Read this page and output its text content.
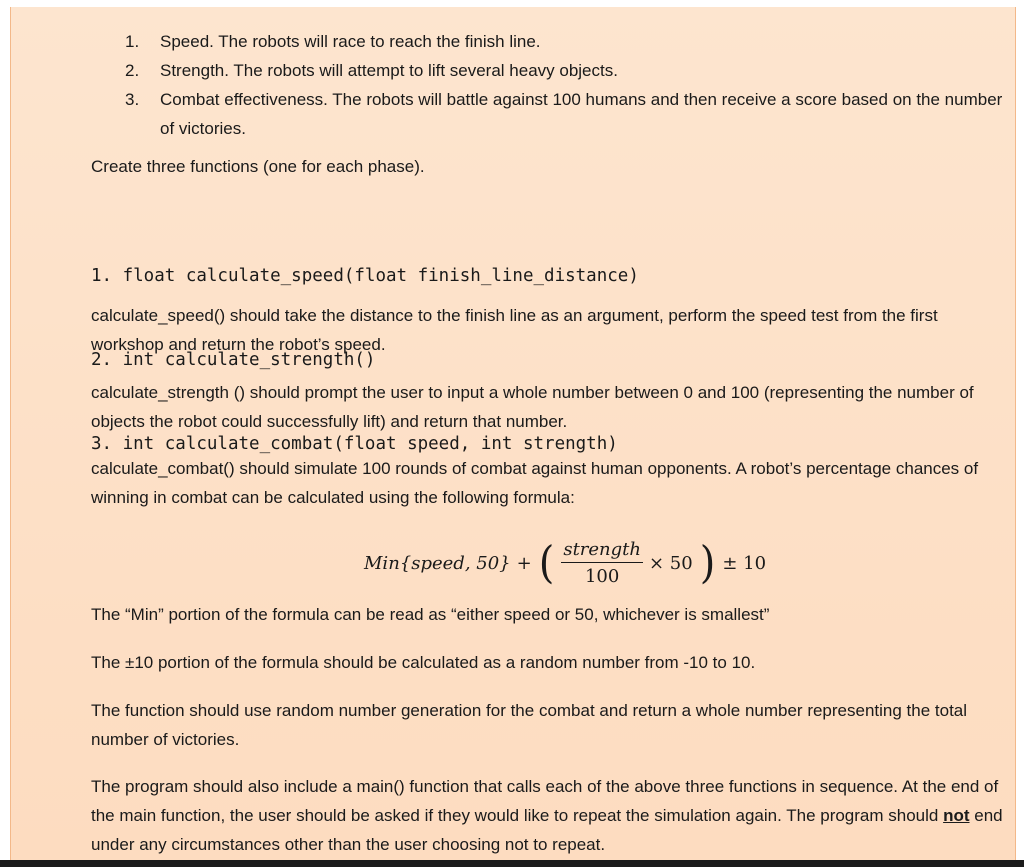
1. Speed. The robots will race to reach the finish line.
2. Strength. The robots will attempt to lift several heavy objects.
3. Combat effectiveness. The robots will battle against 100 humans and then receive a score based on the number of victories.

Create three functions (one for each phase).

1. float calculate_speed(float finish_line_distance)

2. int calculate_strength()

3. int calculate_combat(float speed, int strength)

calculate_speed() should take the distance to the finish line as an argument, perform the speed test from the first workshop and return the robot’s speed.

calculate_strength () should prompt the user to input a whole number between 0 and 100 (representing the number of objects the robot could successfully lift) and return that number.

calculate_combat() should simulate 100 rounds of combat against human opponents. A robot’s percentage chances of winning in combat can be calculated using the following formula:

Min{speed, 50} + ( $\frac{\text{strength}}{100} \times 50$ ) ± 10

The “Min” portion of the formula can be read as “either speed or 50, whichever is smallest”

The ±10 portion of the formula should be calculated as a random number from -10 to 10.

The function should use random number generation for the combat and return a whole number representing the total number of victories.

The program should also include a main() function that calls each of the above three functions in sequence. At the end of the main function, the user should be asked if they would like to repeat the simulation again. The program should not end under any circumstances other than the user choosing not to repeat.
